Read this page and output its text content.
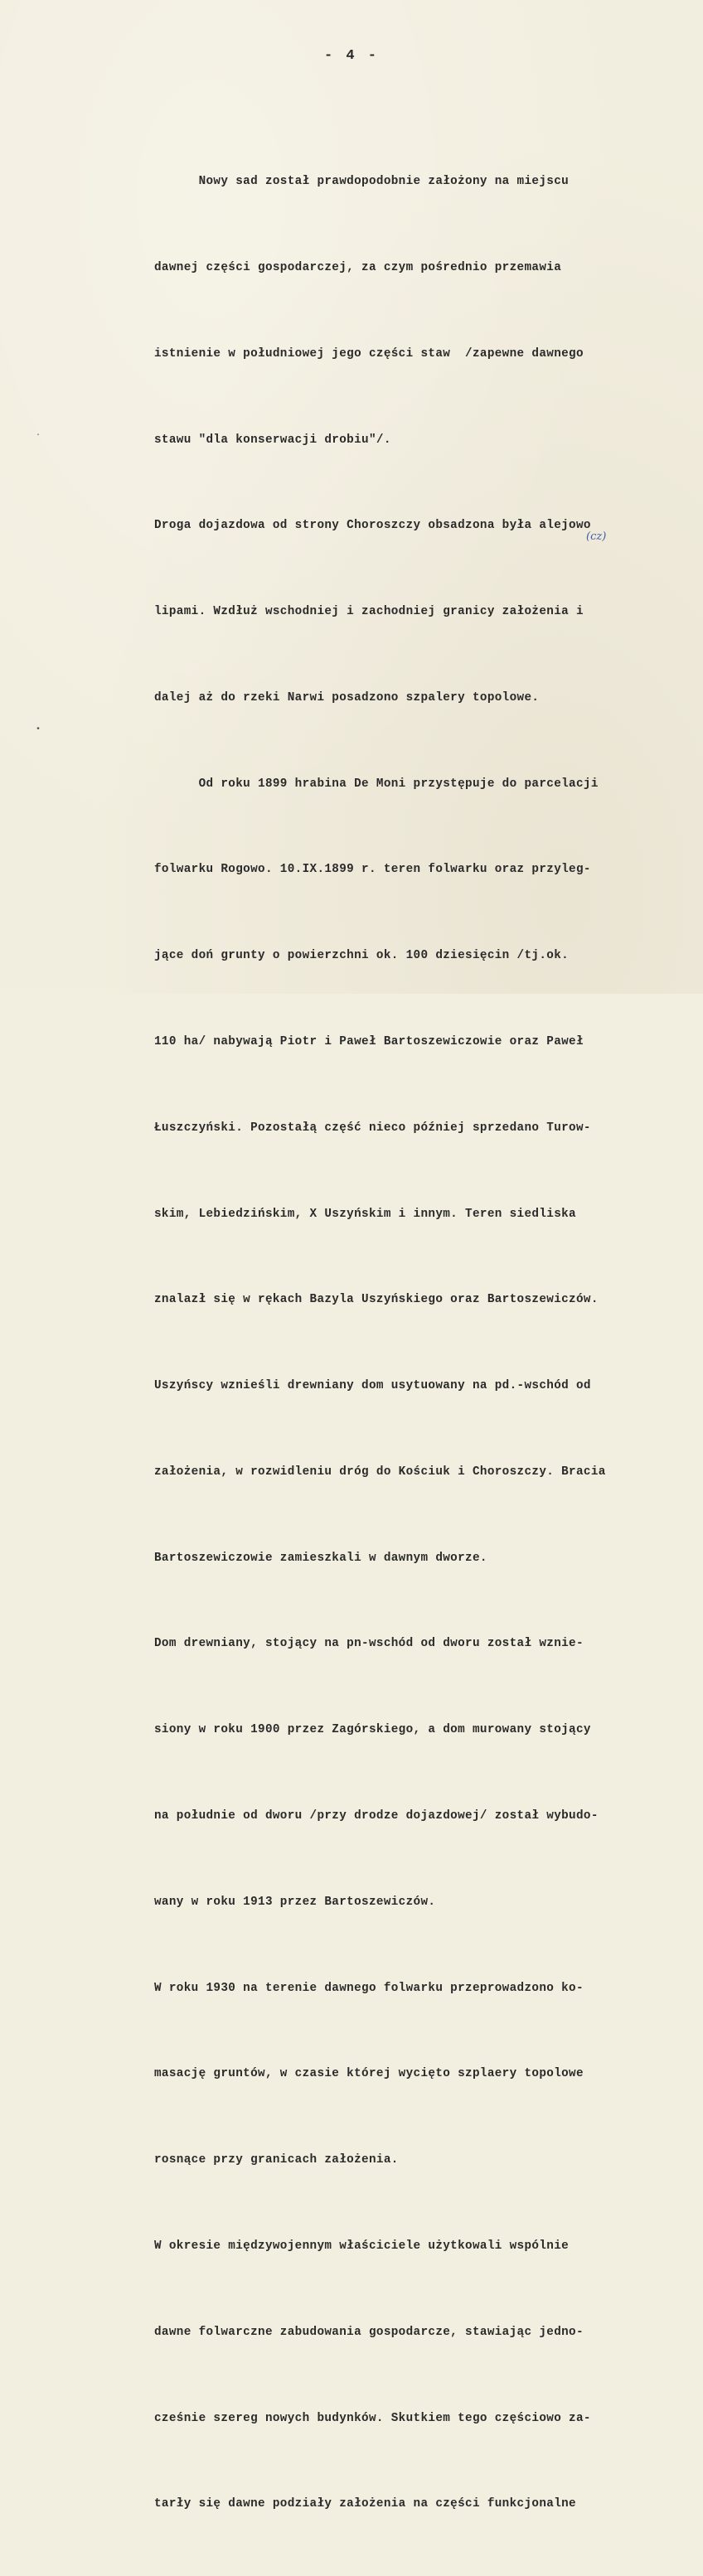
- 4 -

Nowy sad został prawdopodobnie założony na miejscu

dawnej części gospodarczej, za czym pośrednio przemawia

istnienie w południowej jego części staw  /zapewne dawnego

stawu "dla konserwacji drobiu"/.

Droga dojazdowa od strony Choroszczy obsadzona była alejowo

lipami. Wzdłuż wschodniej i zachodniej granicy założenia i

dalej aż do rzeki Narwi posadzono szpalery topolowe.

Od roku 1899 hrabina De Moni przystępuje do parcelacji

folwarku Rogowo. 10.IX.1899 r. teren folwarku oraz przyleg-

jące doń grunty o powierzchni ok. 100 dziesięcin /tj.ok.

110 ha/ nabywają Piotr i Paweł Bartoszewiczowie oraz Paweł

Łuszczyński. Pozostałą część nieco później sprzedano Turow-

skim, Lebiedzińskim, X Uszyńskim i innym. Teren siedliska

znalazł się w rękach Bazyla Uszyńskiego oraz Bartoszewiczów.

Uszyńscy wznieśli drewniany dom usytuowany na pd.-wschód od

założenia, w rozwidleniu dróg do Kościuk i Choroszczy. Bracia

Bartoszewiczowie zamieszkali w dawnym dworze.

Dom drewniany, stojący na pn-wschód od dworu został wznie-

siony w roku 1900 przez Zagórskiego, a dom murowany stojący

na południe od dworu /przy drodze dojazdowej/ został wybudo-

wany w roku 1913 przez Bartoszewiczów.

W roku 1930 na terenie dawnego folwarku przeprowadzono ko-

masację gruntów, w czasie której wycięto szplaery topolowe

rosnące przy granicach założenia.

W okresie międzywojennym właściciele użytkowali wspólnie

dawne folwarczne zabudowania gospodarcze, stawiając jedno-

cześnie szereg nowych budynków. Skutkiem tego częściowo za-

tarły się dawne podziały założenia na części funkcjonalne

(cz)
•
·
